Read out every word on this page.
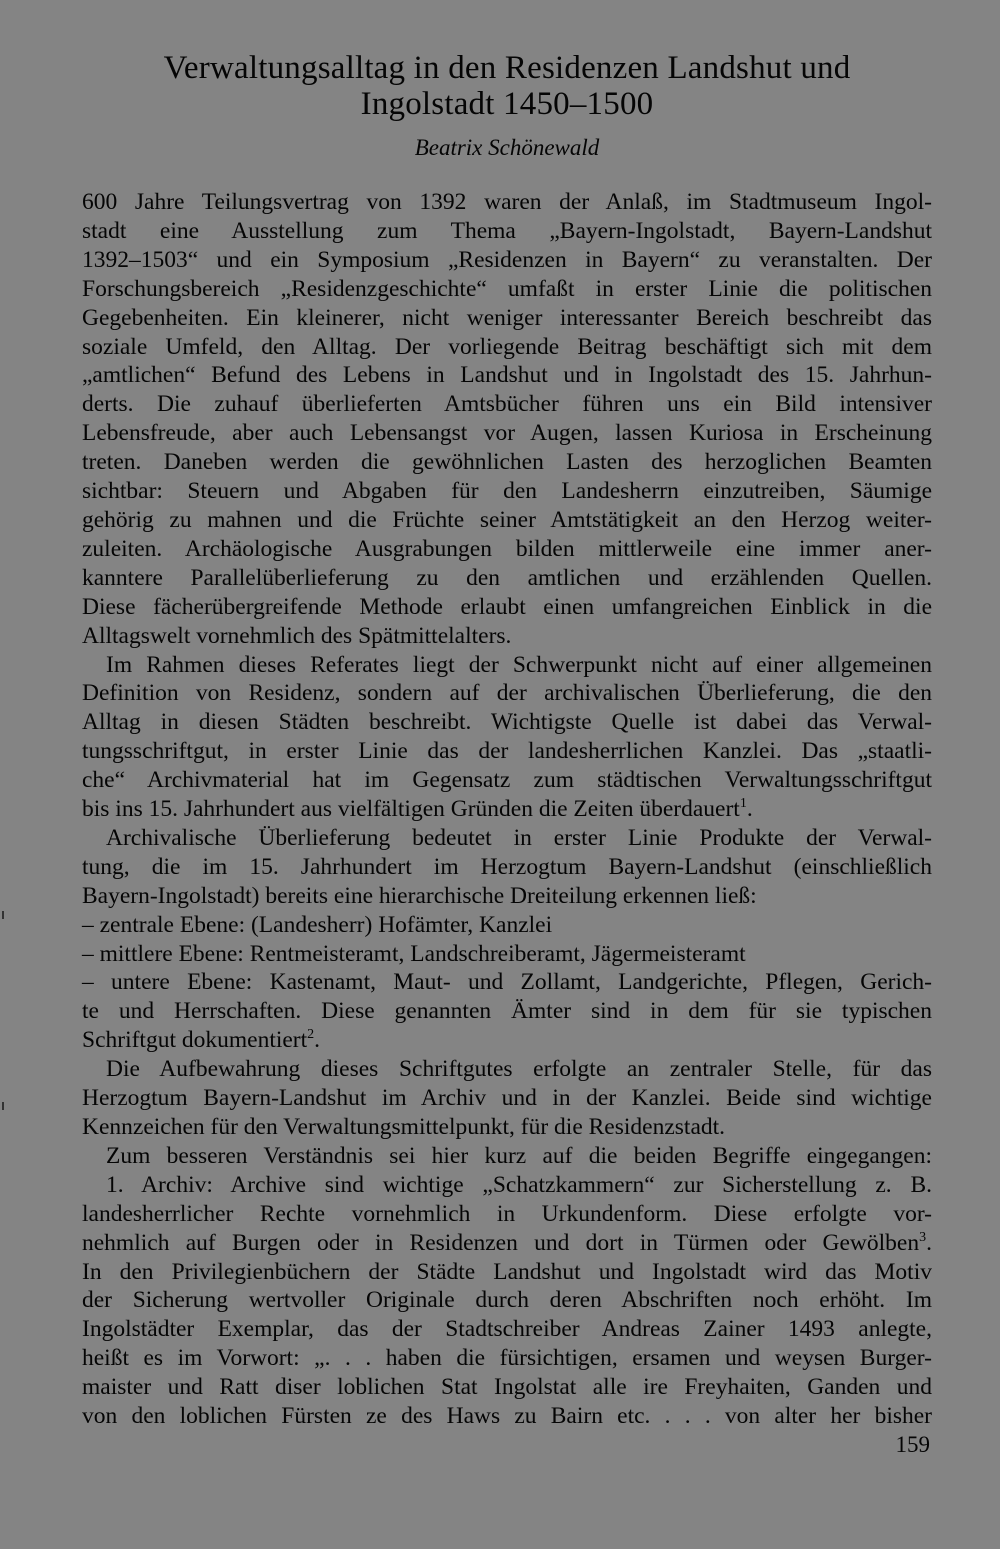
Verwaltungsalltag in den Residenzen Landshut und
Ingolstadt 1450–1500
Beatrix Schönewald

600 Jahre Teilungsvertrag von 1392 waren der Anlaß, im Stadtmuseum Ingol-

stadt eine Ausstellung zum Thema „Bayern-Ingolstadt, Bayern-Landshut

1392–1503“ und ein Symposium „Residenzen in Bayern“ zu veranstalten. Der

Forschungsbereich „Residenzgeschichte“ umfaßt in erster Linie die politischen

Gegebenheiten. Ein kleinerer, nicht weniger interessanter Bereich beschreibt das

soziale Umfeld, den Alltag. Der vorliegende Beitrag beschäftigt sich mit dem

„amtlichen“ Befund des Lebens in Landshut und in Ingolstadt des 15. Jahrhun-

derts. Die zuhauf überlieferten Amtsbücher führen uns ein Bild intensiver

Lebensfreude, aber auch Lebensangst vor Augen, lassen Kuriosa in Erscheinung

treten. Daneben werden die gewöhnlichen Lasten des herzoglichen Beamten

sichtbar: Steuern und Abgaben für den Landesherrn einzutreiben, Säumige

gehörig zu mahnen und die Früchte seiner Amtstätigkeit an den Herzog weiter-

zuleiten. Archäologische Ausgrabungen bilden mittlerweile eine immer aner-

kanntere Parallelüberlieferung zu den amtlichen und erzählenden Quellen.

Diese fächerübergreifende Methode erlaubt einen umfangreichen Einblick in die

Alltagswelt vornehmlich des Spätmittelalters.

Im Rahmen dieses Referates liegt der Schwerpunkt nicht auf einer allgemeinen

Definition von Residenz, sondern auf der archivalischen Überlieferung, die den

Alltag in diesen Städten beschreibt. Wichtigste Quelle ist dabei das Verwal-

tungsschriftgut, in erster Linie das der landesherrlichen Kanzlei. Das „staatli-

che“ Archivmaterial hat im Gegensatz zum städtischen Verwaltungsschriftgut

bis ins 15. Jahrhundert aus vielfältigen Gründen die Zeiten überdauert$^1$.

Archivalische Überlieferung bedeutet in erster Linie Produkte der Verwal-

tung, die im 15. Jahrhundert im Herzogtum Bayern-Landshut (einschließlich

Bayern-Ingolstadt) bereits eine hierarchische Dreiteilung erkennen ließ:

– zentrale Ebene: (Landesherr) Hofämter, Kanzlei

– mittlere Ebene: Rentmeisteramt, Landschreiberamt, Jägermeisteramt

– untere Ebene: Kastenamt, Maut- und Zollamt, Landgerichte, Pflegen, Gerich-

te und Herrschaften. Diese genannten Ämter sind in dem für sie typischen

Schriftgut dokumentiert$^2$.

Die Aufbewahrung dieses Schriftgutes erfolgte an zentraler Stelle, für das

Herzogtum Bayern-Landshut im Archiv und in der Kanzlei. Beide sind wichtige

Kennzeichen für den Verwaltungsmittelpunkt, für die Residenzstadt.

Zum besseren Verständnis sei hier kurz auf die beiden Begriffe eingegangen:

1. Archiv: Archive sind wichtige „Schatzkammern“ zur Sicherstellung z. B.

landesherrlicher Rechte vornehmlich in Urkundenform. Diese erfolgte vor-

nehmlich auf Burgen oder in Residenzen und dort in Türmen oder Gewölben$^3$.

In den Privilegienbüchern der Städte Landshut und Ingolstadt wird das Motiv

der Sicherung wertvoller Originale durch deren Abschriften noch erhöht. Im

Ingolstädter Exemplar, das der Stadtschreiber Andreas Zainer 1493 anlegte,

heißt es im Vorwort: „. . . haben die fürsichtigen, ersamen und weysen Burger-

maister und Ratt diser loblichen Stat Ingolstat alle ire Freyhaiten, Ganden und

von den loblichen Fürsten ze des Haws zu Bairn etc. . . . von alter her bisher

159
